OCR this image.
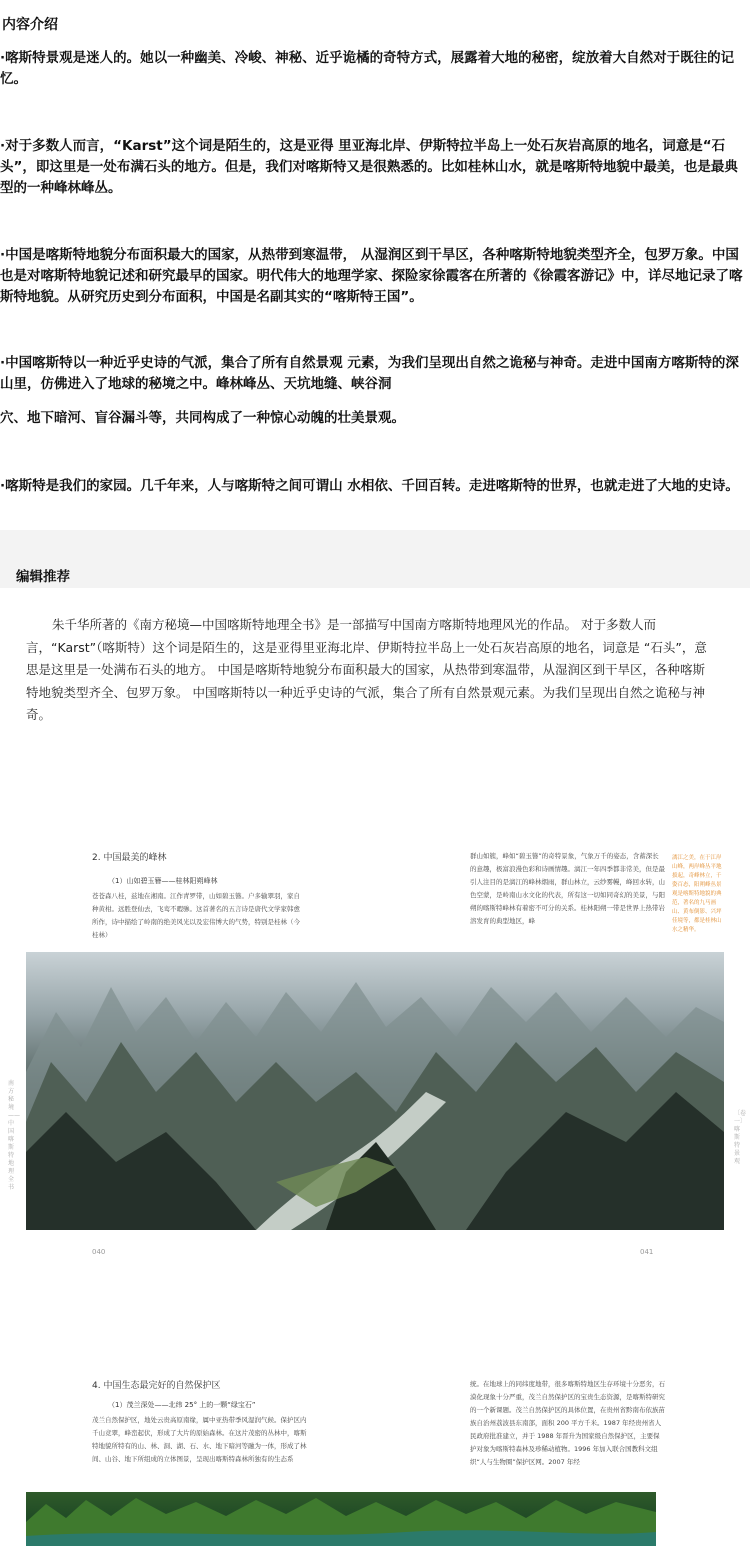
内容介绍
·喀斯特景观是迷人的。她以一种幽美、冷峻、神秘、近乎诡橘的奇特方式，展露着大地的秘密，绽放着大自然对于既往的记忆。
·对于多数人而言，“Karst”这个词是陌生的，这是亚得 里亚海北岸、伊斯特拉半岛上一处石灰岩高原的地名，词意是“石头”，即这里是一处布满石头的地方。但是，我们对喀斯特又是很熟悉的。比如桂林山水，就是喀斯特地貌中最美，也是最典型的一种峰林峰丛。
·中国是喀斯特地貌分布面积最大的国家，从热带到寒温带， 从湿润区到干旱区，各种喀斯特地貌类型齐全，包罗万象。中国也是对喀斯特地貌记述和研究最早的国家。明代伟大的地理学家、探险家徐霞客在所著的《徐霞客游记》中，详尽地记录了喀斯特地貌。从研究历史到分布面积，中国是名副其实的“喀斯特王国”。
·中国喀斯特以一种近乎史诗的气派，集合了所有自然景观 元素，为我们呈现出自然之诡秘与神奇。走进中国南方喀斯特的深山里，仿佛进入了地球的秘境之中。峰林峰丛、天坑地缝、峡谷洞
穴、地下暗河、盲谷漏斗等，共同构成了一种惊心动魄的壮美景观。
·喀斯特是我们的家园。几千年来，人与喀斯特之间可谓山 水相依、千回百转。走进喀斯特的世界，也就走进了大地的史诗。
编辑推荐
朱千华所著的《南方秘境—中国喀斯特地理全书》是一部描写中国南方喀斯特地理风光的作品。 对于多数人而言，“Karst”（喀斯特）这个词是陌生的，这是亚得里亚海北岸、伊斯特拉半岛上一处石灰岩高原的地名，词意是 “石头”，意思是这里是一处满布石头的地方。 中国是喀斯特地貌分布面积最大的国家，从热带到寒温带，从湿润区到干旱区，各种喀斯特地貌类型齐全、包罗万象。 中国喀斯特以一种近乎史诗的气派，集合了所有自然景观元素。为我们呈现出自然之诡秘与神奇。
2. 中国最美的峰林
（1）山如碧玉簪——桂林阳朔峰林
苍苍森八桂，兹地在湘南。江作青罗带，山如碧玉簪。户多输翠羽，家自种黄柑。远胜登仙去，飞鸾不暇骖。这首著名的五言诗是唐代文学家韩愈所作，诗中描绘了岭南的绝美风光以及宏伟博大的气势，特别是桂林（今桂林）
群山如簇，峰如“碧玉簪”的奇特景象，气象万千的姿态，含蓄深长的意趣，极富浪漫色彩和诗画情趣。漓江一年四季都非常美，但是最引人注目的是漓江的峰林烟雨，群山林立，云纱雾幔，峰回水转，山色空蒙，是岭南山水文化的代表，所有这一切如同奇幻的美景，与阳朔的喀斯特峰林有着密不可分的关系。桂林阳朔一带是世界上热带岩溶发育的典型地区，峰
漓江之美，在于江岸山峰，两岸峰丛平地拔起，奇峰林立，千姿百态，阳朔峰丛景观是喀斯特地貌的典范，著名的九马画山、黄布倒影、兴坪佳境等，都是桂林山水之精华。
040	041
南方秘境——中国喀斯特地理全书
〔卷一〕喀斯特景观
4. 中国生态最完好的自然保护区
（1）茂兰深处——北纬 25° 上的一颗“绿宝石”
茂兰自然保护区，地处云贵高原南缘，属中亚热带季风湿润气候。保护区内千山竞翠，峰峦起伏，形成了大片的原始森林。在这片茂密的丛林中，喀斯特地貌所特有的山、林、洞、湖、石、水、地下暗河等融为一体，形成了林间、山谷、地下所组成的立体图景，呈现出喀斯特森林所独有的生态系
统。在地球上的同纬度地带，很多喀斯特地区生存环境十分恶劣，石漠化现象十分严重，茂兰自然保护区的宝贵生态资源，是喀斯特研究的一个新课题。茂兰自然保护区的具体位置，在贵州省黔南布依族苗族自治州荔波县东南部，面积 200 平方千米。1987 年经贵州省人民政府批准建立，并于 1988 年晋升为国家级自然保护区，主要保护对象为喀斯特森林及珍稀动植物。1996 年加入联合国教科文组织“人与生物圈”保护区网。2007 年经
